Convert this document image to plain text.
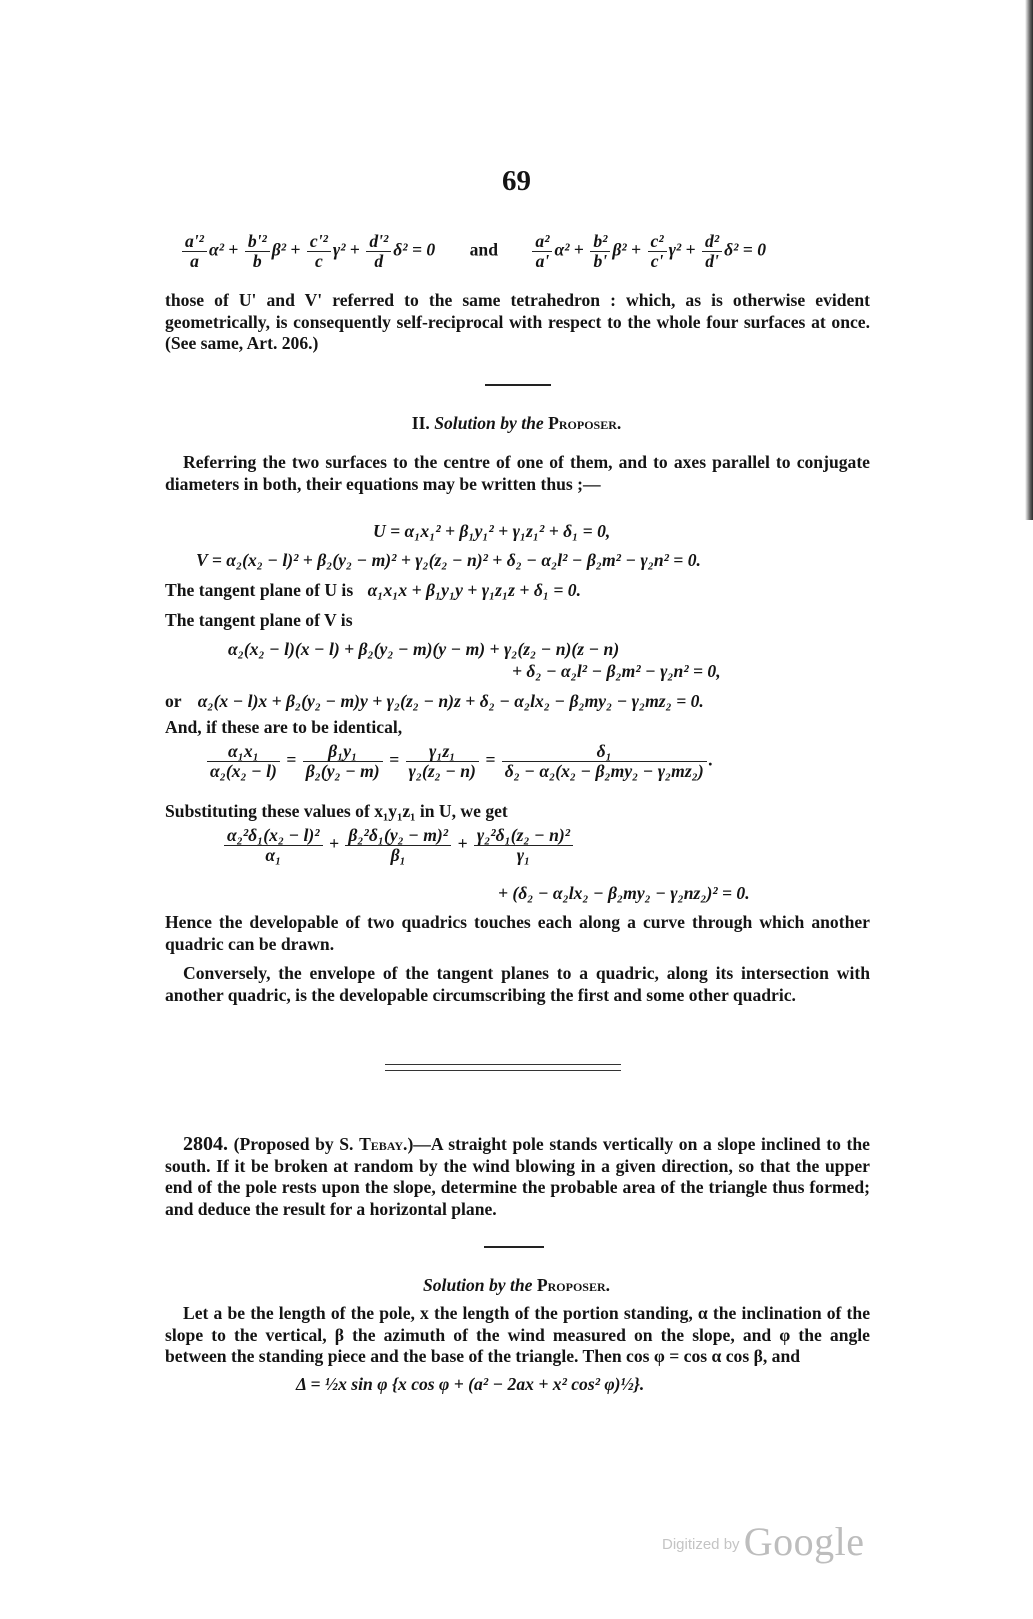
69
$\frac{\text{a'²}}{a} \alpha^2 + \frac{\text{b'²}}{b} \beta^2 + \frac{\text{c'²}}{c} \gamma^2 + \frac{\text{d'²}}{d} \delta^2 = 0$ and $\frac{\text{a²}}{a'} \alpha^2 + \frac{\text{b²}}{b'} \beta^2 + \frac{\text{c²}}{c'} \gamma^2 + \frac{\text{d²}}{d'} \delta^2 = 0$
those of U' and V' referred to the same tetrahedron : which, as is otherwise evident geometrically, is consequently self-reciprocal with respect to the whole four surfaces at once. (See same, Art. 206.)
II. Solution by the Proposer.
Referring the two surfaces to the centre of one of them, and to axes parallel to conjugate diameters in both, their equations may be written thus ;—
U = α₁x₁² + β₁y₁² + γ₁z₁² + δ₁ = 0,
V = α₂(x₂ − l)² + β₂(y₂ − m)² + γ₂(z₂ − n)² + δ₂ − α₂l² − β₂m² − γ₂n² = 0.
The tangent plane of U is α₁x₁x + β₁y₁y + γ₁z₁z + δ₁ = 0.
The tangent plane of V is
α₂(x₂ − l)(x − l) + β₂(y₂ − m)(y − m) + γ₂(z₂ − n)(z − n)
+ δ₂ − α₂l² − β₂m² − γ₂n² = 0,
or α₂(x − l)x + β₂(y₂ − m)y + γ₂(z₂ − n)z + δ₂ − α₂lx₂ − β₂my₂ − γ₂mz₂ = 0.
And, if these are to be identical,
$\frac{\text{α₁x₁}}{\text{α₂(x₂ − l)}} = \frac{\text{β₁y₁}}{\text{β₂(y₂ − m)}} = \frac{\text{γ₁z₁}}{\text{γ₂(z₂ − n)}} = \frac{\text{δ₁}}{\text{δ₂ − α₂(x₂ − β₂my₂ − γ₂mz₂)}}$ .
Substituting these values of x₁y₁z₁ in U, we get
$\frac{\text{α₂²δ₁(x₂ − l)²}}{\text{α₁}} + \frac{\text{β₂²δ₁(y₂ − m)²}}{\text{β₁}} + \frac{\text{γ₂²δ₁(z₂ − n)²}}{\text{γ₁}}$
+ (δ₂ − α₂lx₂ − β₂my₂ − γ₂nz₂)² = 0.
Hence the developable of two quadrics touches each along a curve through which another quadric can be drawn.
Conversely, the envelope of the tangent planes to a quadric, along its intersection with another quadric, is the developable circumscribing the first and some other quadric.
2804. (Proposed by S. Tebay.)—A straight pole stands vertically on a slope inclined to the south. If it be broken at random by the wind blowing in a given direction, so that the upper end of the pole rests upon the slope, determine the probable area of the triangle thus formed; and deduce the result for a horizontal plane.
Solution by the Proposer.
Let a be the length of the pole, x the length of the portion standing, α the inclination of the slope to the vertical, β the azimuth of the wind measured on the slope, and φ the angle between the standing piece and the base of the triangle. Then cos φ = cos α cos β, and
Δ = ½x sin φ {x cos φ + (a² − 2ax + x² cos² φ)½}.
Digitized by Google
